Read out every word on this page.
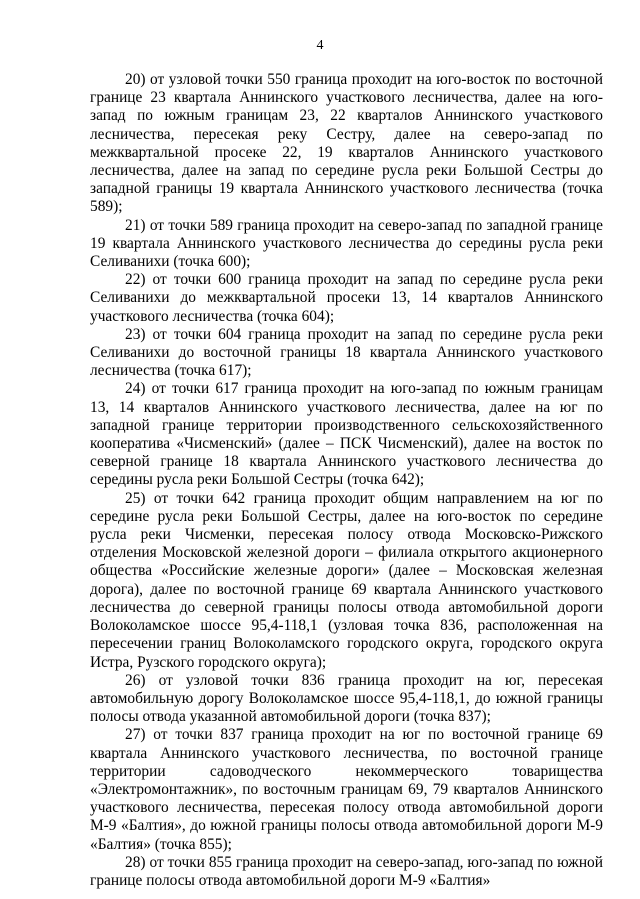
4

20) от узловой точки 550 граница проходит на юго-восток по восточной границе 23 квартала Аннинского участкового лесничества, далее на юго-запад по южным границам 23, 22 кварталов Аннинского участкового лесничества, пересекая реку Сестру, далее на северо-запад по межквартальной просеке 22, 19 кварталов Аннинского участкового лесничества, далее на запад по середине русла реки Большой Сестры до западной границы 19 квартала Аннинского участкового лесничества (точка 589);

21) от точки 589 граница проходит на северо-запад по западной границе 19 квартала Аннинского участкового лесничества до середины русла реки Селиванихи (точка 600);

22) от точки 600 граница проходит на запад по середине русла реки Селиванихи до межквартальной просеки 13, 14 кварталов Аннинского участкового лесничества (точка 604);

23) от точки 604 граница проходит на запад по середине русла реки Селиванихи до восточной границы 18 квартала Аннинского участкового лесничества (точка 617);

24) от точки 617 граница проходит на юго-запад по южным границам 13, 14 кварталов Аннинского участкового лесничества, далее на юг по западной границе территории производственного сельскохозяйственного кооператива «Чисменский» (далее – ПСК Чисменский), далее на восток по северной границе 18 квартала Аннинского участкового лесничества до середины русла реки Большой Сестры (точка 642);

25) от точки 642 граница проходит общим направлением на юг по середине русла реки Большой Сестры, далее на юго-восток по середине русла реки Чисменки, пересекая полосу отвода Московско-Рижского отделения Московской железной дороги – филиала открытого акционерного общества «Российские железные дороги» (далее – Московская железная дорога), далее по восточной границе 69 квартала Аннинского участкового лесничества до северной границы полосы отвода автомобильной дороги Волоколамское шоссе 95,4-118,1 (узловая точка 836, расположенная на пересечении границ Волоколамского городского округа, городского округа Истра, Рузского городского округа);

26) от узловой точки 836 граница проходит на юг, пересекая автомобильную дорогу Волоколамское шоссе 95,4-118,1, до южной границы полосы отвода указанной автомобильной дороги (точка 837);

27) от точки 837 граница проходит на юг по восточной границе 69 квартала Аннинского участкового лесничества, по восточной границе территории садоводческого некоммерческого товарищества «Электромонтажник», по восточным границам 69, 79 кварталов Аннинского участкового лесничества, пересекая полосу отвода автомобильной дороги М-9 «Балтия», до южной границы полосы отвода автомобильной дороги М-9 «Балтия» (точка 855);

28) от точки 855 граница проходит на северо-запад, юго-запад по южной границе полосы отвода автомобильной дороги М-9 «Балтия»
